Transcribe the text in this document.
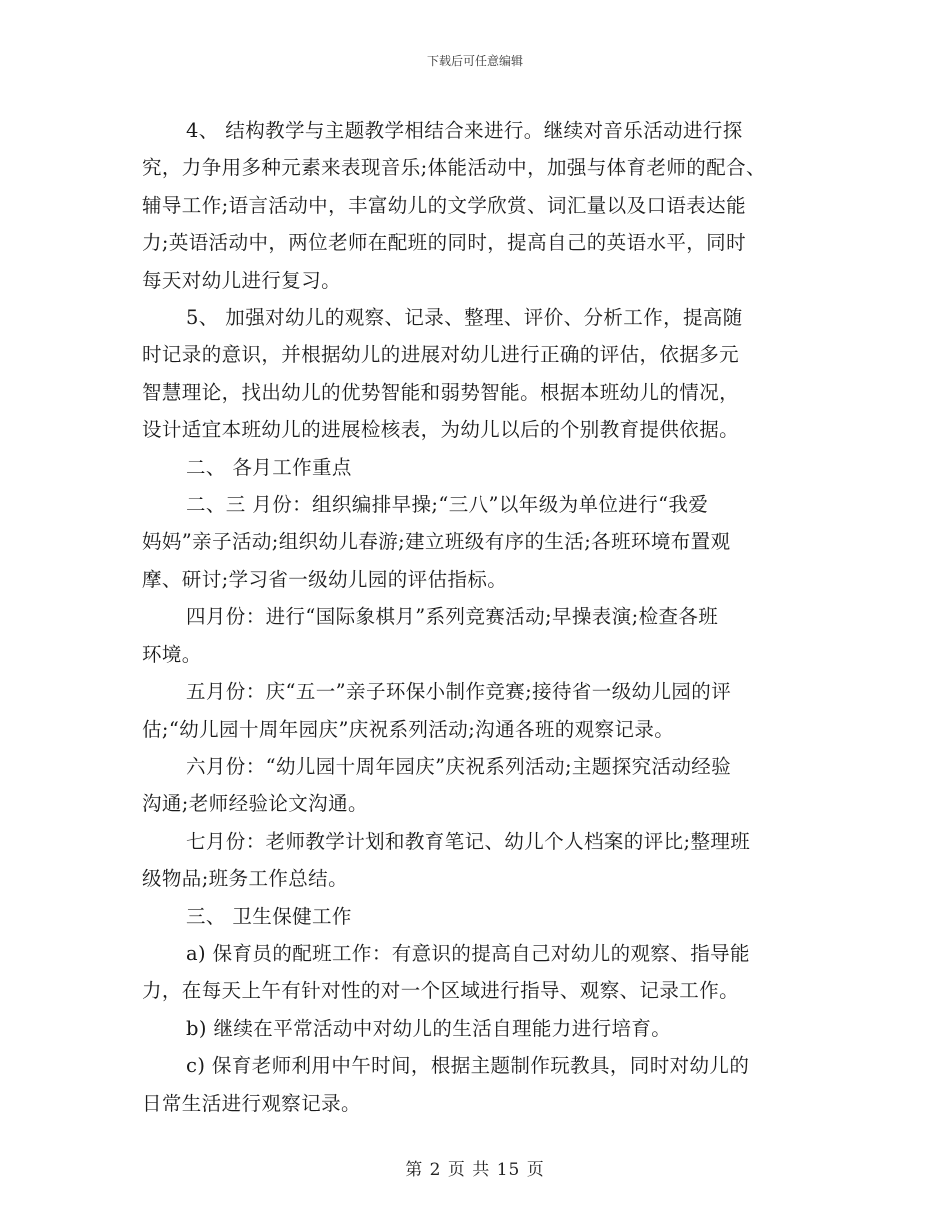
下载后可任意编辑

4、 结构教学与主题教学相结合来进行。继续对音乐活动进行探
究，力争用多种元素来表现音乐;体能活动中，加强与体育老师的配合、
辅导工作;语言活动中，丰富幼儿的文学欣赏、词汇量以及口语表达能
力;英语活动中，两位老师在配班的同时，提高自己的英语水平，同时
每天对幼儿进行复习。

5、 加强对幼儿的观察、记录、整理、评价、分析工作，提高随
时记录的意识，并根据幼儿的进展对幼儿进行正确的评估，依据多元
智慧理论，找出幼儿的优势智能和弱势智能。根据本班幼儿的情况，
设计适宜本班幼儿的进展检核表，为幼儿以后的个别教育提供依据。

二、 各月工作重点

二、三 月份：组织编排早操;“三八”以年级为单位进行“我爱
妈妈”亲子活动;组织幼儿春游;建立班级有序的生活;各班环境布置观
摩、研讨;学习省一级幼儿园的评估指标。

四月份：进行“国际象棋月”系列竞赛活动;早操表演;检查各班
环境。

五月份：庆“五一”亲子环保小制作竞赛;接待省一级幼儿园的评
估;“幼儿园十周年园庆”庆祝系列活动;沟通各班的观察记录。

六月份：“幼儿园十周年园庆”庆祝系列活动;主题探究活动经验
沟通;老师经验论文沟通。

七月份：老师教学计划和教育笔记、幼儿个人档案的评比;整理班
级物品;班务工作总结。

三、 卫生保健工作

a) 保育员的配班工作：有意识的提高自己对幼儿的观察、指导能
力，在每天上午有针对性的对一个区域进行指导、观察、记录工作。

b) 继续在平常活动中对幼儿的生活自理能力进行培育。

c) 保育老师利用中午时间，根据主题制作玩教具，同时对幼儿的
日常生活进行观察记录。

第 2 页 共 15 页
